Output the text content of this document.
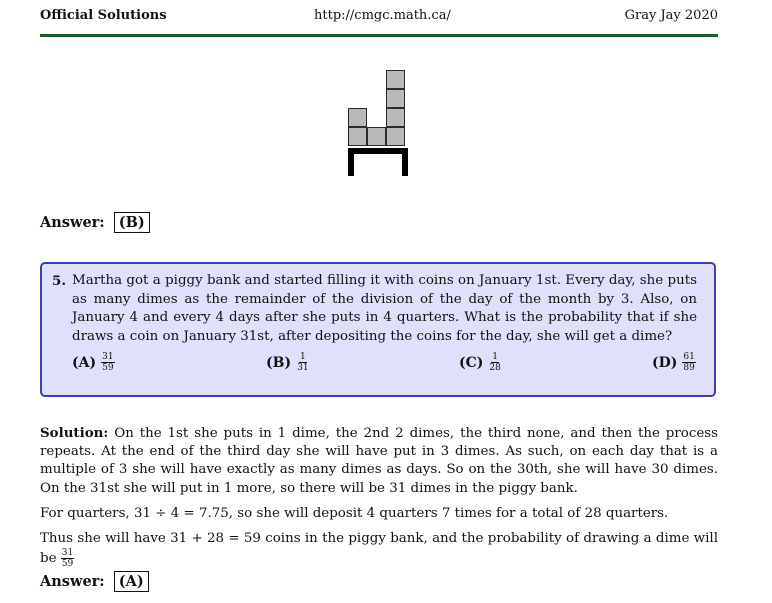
Official Solutions	http://cmgc.math.ca/	Gray Jay 2020
Answer: (B)
5. Martha got a piggy bank and started filling it with coins on January 1st. Every day, she puts as many dimes as the remainder of the division of the day of the month by 3. Also, on January 4 and every 4 days after she puts in 4 quarters. What is the probability that if she draws a coin on January 31st, after depositing the coins for the day, she will get a dime?
$(A) \frac{31}{59}$	$(B) \frac{1}{31}$	$(C) \frac{1}{28}$	$(D) \frac{61}{89}$
Solution: On the 1st she puts in 1 dime, the 2nd 2 dimes, the third none, and then the process repeats. At the end of the third day she will have put in 3 dimes. As such, on each day that is a multiple of 3 she will have exactly as many dimes as days. So on the 30th, she will have 30 dimes. On the 31st she will put in 1 more, so there will be 31 dimes in the piggy bank.
For quarters, 31 ÷ 4 = 7.75, so she will deposit 4 quarters 7 times for a total of 28 quarters.
Thus she will have 31 + 28 = 59 coins in the piggy bank, and the probability of drawing a dime will be $\frac{31}{59}$
Answer: (A)
